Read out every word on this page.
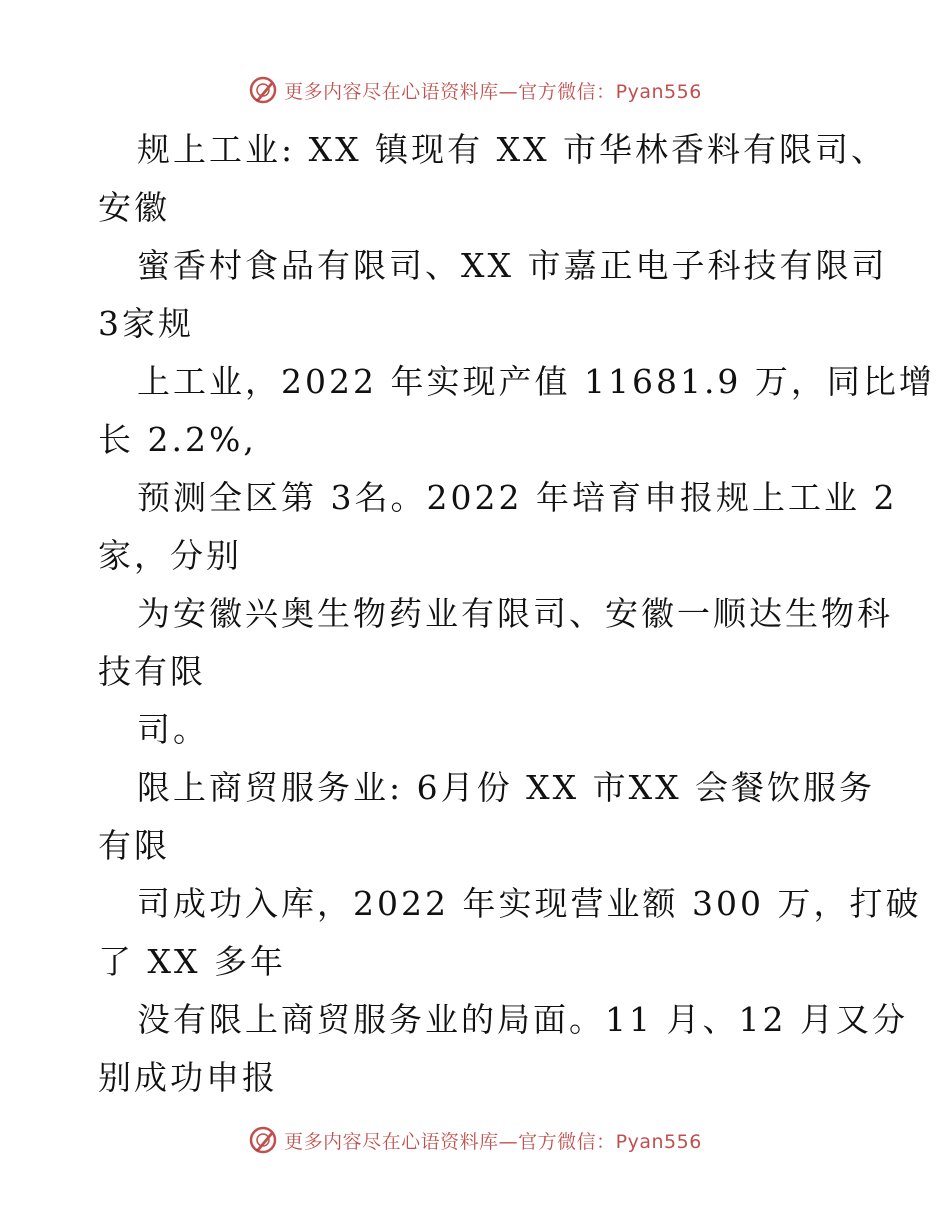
更多内容尽在心语资料库—官方微信：Pyan556
规上工业: XX 镇现有 XX 市华林香料有限司、
安徽
蜜香村食品有限司、XX 市嘉正电子科技有限司
3家规
上工业，2022 年实现产值 11681.9 万，同比增
长 2.2%,
预测全区第 3名。2022 年培育申报规上工业 2
家，分别
为安徽兴奥生物药业有限司、安徽一顺达生物科
技有限
司。
限上商贸服务业: 6月份 XX 市XX 会餐饮服务
有限
司成功入库，2022 年实现营业额 300 万，打破
了 XX 多年
没有限上商贸服务业的局面。11 月、12 月又分
别成功申报
更多内容尽在心语资料库—官方微信：Pyan556
